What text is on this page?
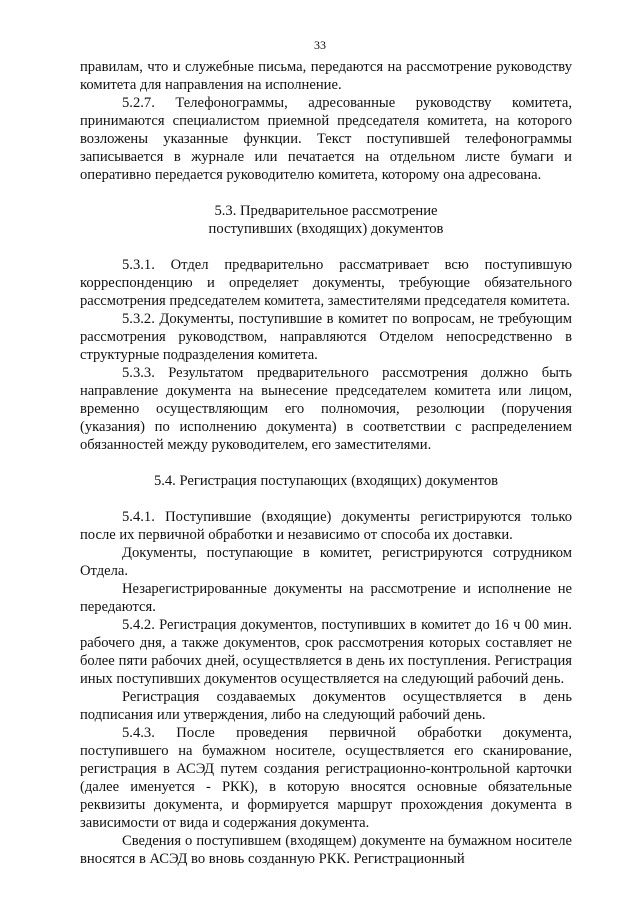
33

правилам, что и служебные письма, передаются на рассмотрение руководству комитета для направления на исполнение.

5.2.7. Телефонограммы, адресованные руководству комитета, принимаются специалистом приемной председателя комитета, на которого возложены указанные функции. Текст поступившей телефонограммы записывается в журнале или печатается на отдельном листе бумаги и оперативно передается руководителю комитета, которому она адресована.

5.3. Предварительное рассмотрение

поступивших (входящих) документов

5.3.1. Отдел предварительно рассматривает всю поступившую корреспонденцию и определяет документы, требующие обязательного рассмотрения председателем комитета, заместителями председателя комитета.

5.3.2. Документы, поступившие в комитет по вопросам, не требующим рассмотрения руководством, направляются Отделом непосредственно в структурные подразделения комитета.

5.3.3. Результатом предварительного рассмотрения должно быть направление документа на вынесение председателем комитета или лицом, временно осуществляющим его полномочия, резолюции (поручения (указания) по исполнению документа) в соответствии с распределением обязанностей между руководителем, его заместителями.

5.4. Регистрация поступающих (входящих) документов

5.4.1. Поступившие (входящие) документы регистрируются только после их первичной обработки и независимо от способа их доставки.

Документы, поступающие в комитет, регистрируются сотрудником Отдела.

Незарегистрированные документы на рассмотрение и исполнение не передаются.

5.4.2. Регистрация документов, поступивших в комитет до 16 ч 00 мин. рабочего дня, а также документов, срок рассмотрения которых составляет не более пяти рабочих дней, осуществляется в день их поступления. Регистрация иных поступивших документов осуществляется на следующий рабочий день.

Регистрация создаваемых документов осуществляется в день подписания или утверждения, либо на следующий рабочий день.

5.4.3. После проведения первичной обработки документа, поступившего на бумажном носителе, осуществляется его сканирование, регистрация в АСЭД путем создания регистрационно-контрольной карточки (далее именуется - РКК), в которую вносятся основные обязательные реквизиты документа, и формируется маршрут прохождения документа в зависимости от вида и содержания документа.

Сведения о поступившем (входящем) документе на бумажном носителе вносятся в АСЭД во вновь созданную РКК. Регистрационный
